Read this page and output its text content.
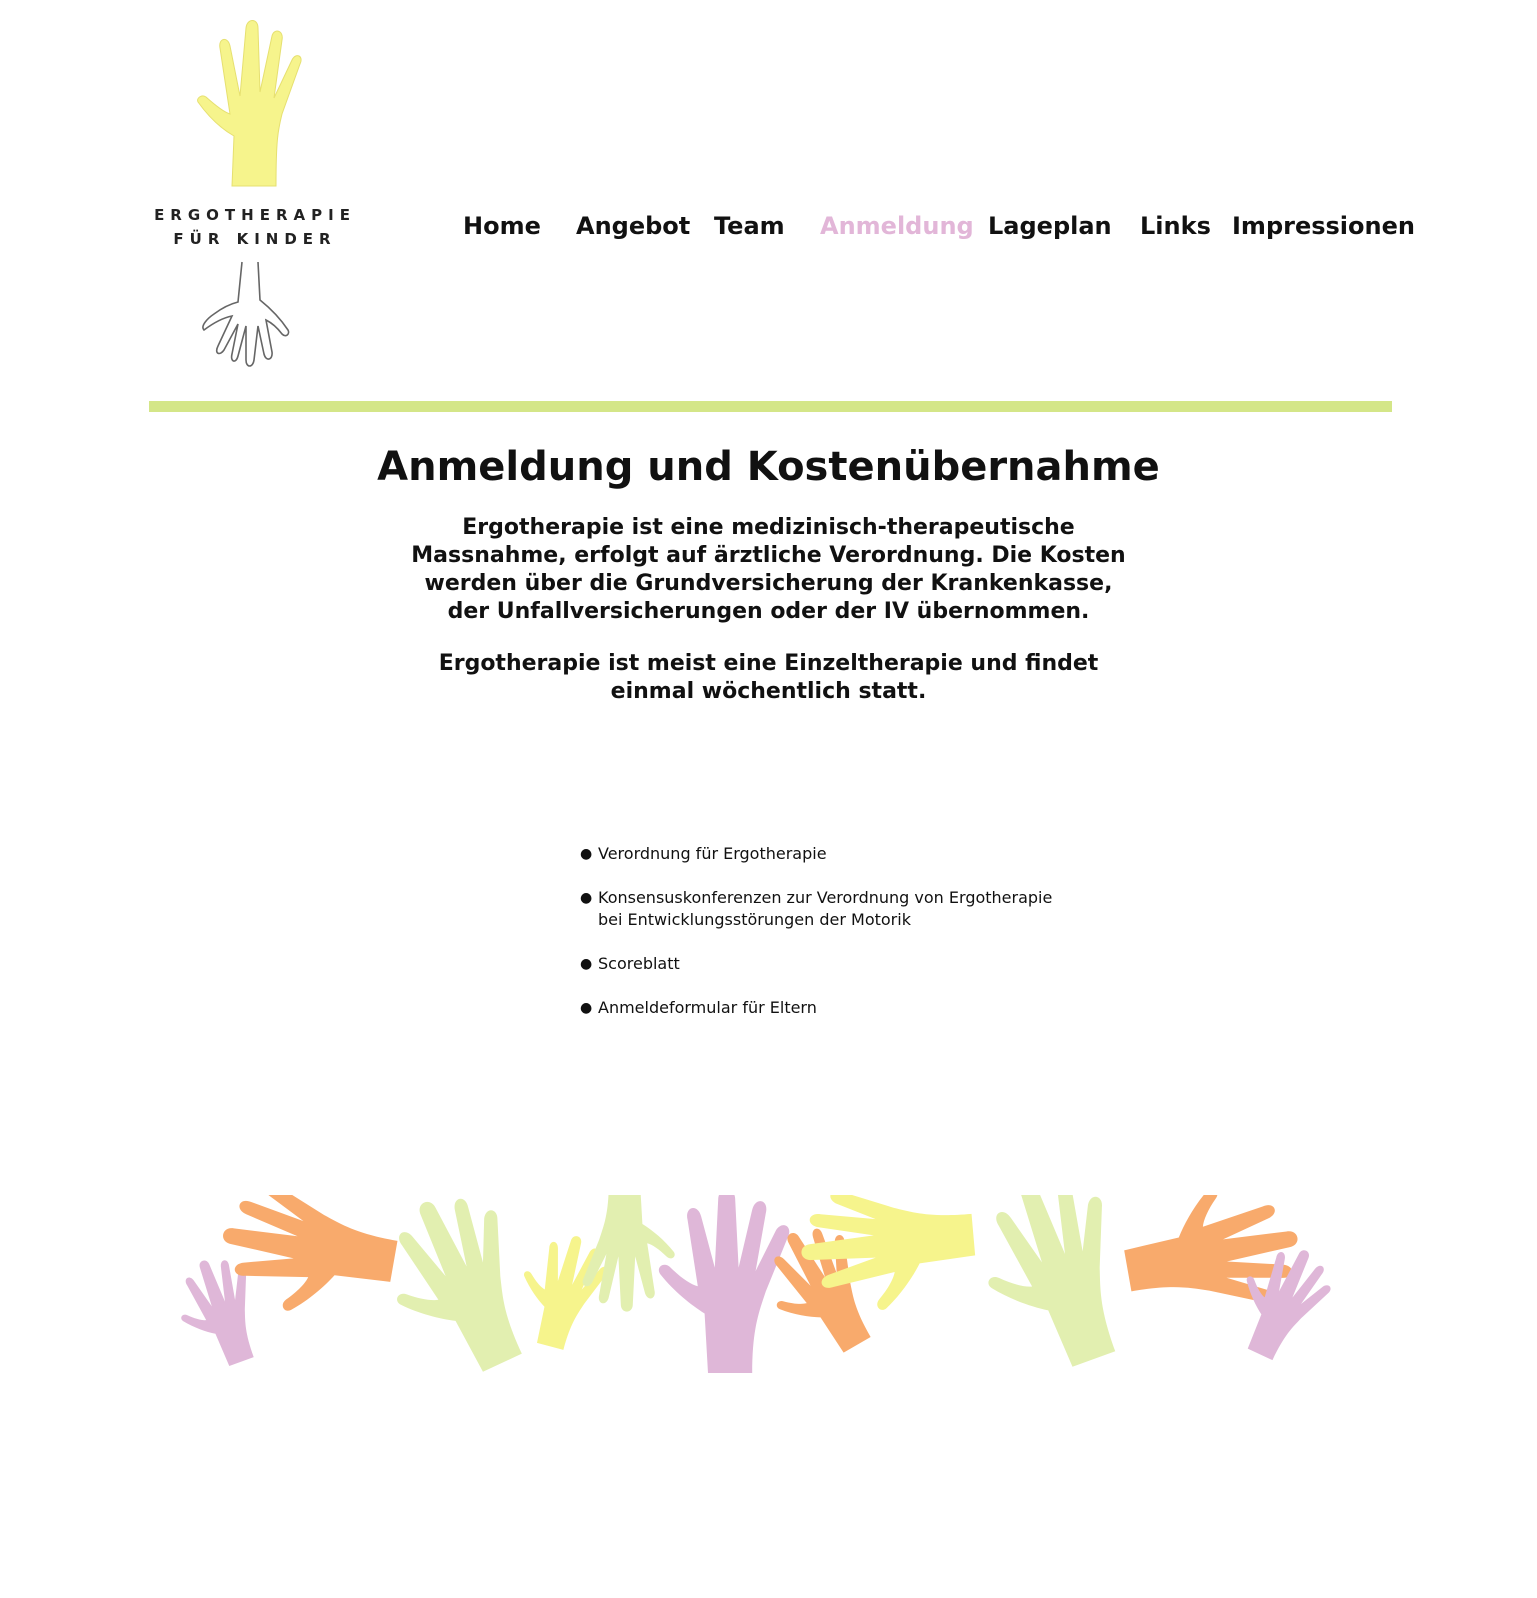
ERGOTHERAPIE
FÜR KINDER	Home Angebot Team Anmeldung Lageplan Links Impressionen
Anmeldung und Kostenübernahme

Ergotherapie ist eine medizinisch-therapeutische Massnahme, erfolgt auf ärztliche Verordnung. Die Kosten werden über die Grundversicherung der Krankenkasse, der Unfallversicherungen oder der IV übernommen.

Ergotherapie ist meist eine Einzeltherapie und findet einmal wöchentlich statt.

● Verordnung für Ergotherapie
● Konsensuskonferenzen zur Verordnung von Ergotherapie bei Entwicklungsstörungen der Motorik
● Scoreblatt
● Anmeldeformular für Eltern
